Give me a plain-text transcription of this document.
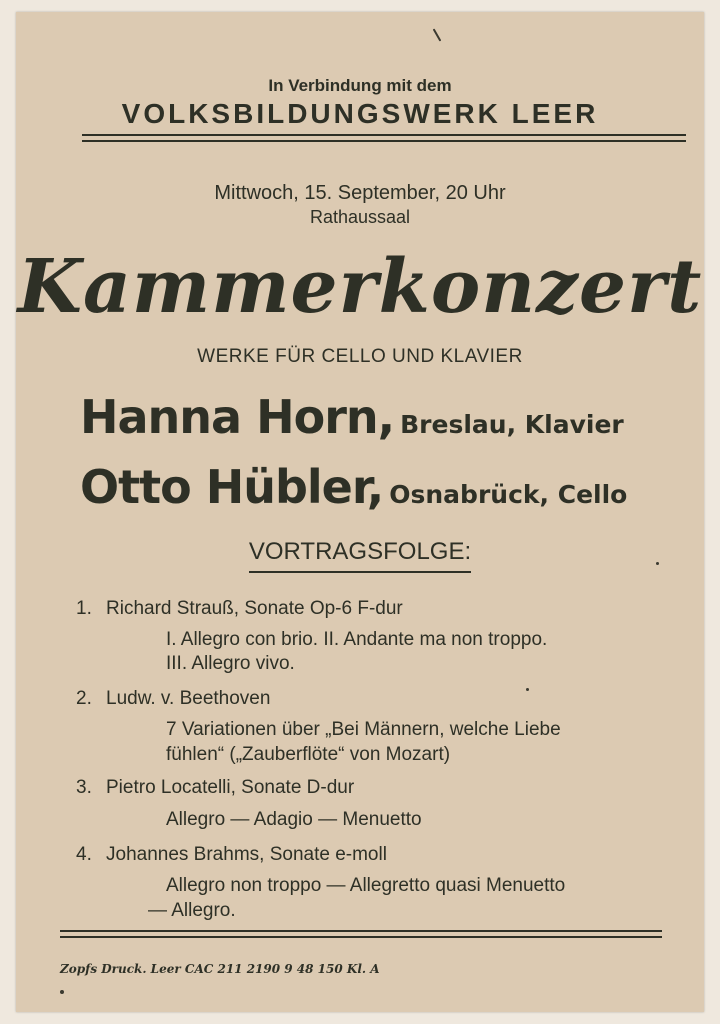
In Verbindung mit dem
VOLKSBILDUNGSWERK LEER
Mittwoch, 15. September, 20 Uhr
Rathaussaal
Kammerkonzert
WERKE FÜR CELLO UND KLAVIER
Hanna Horn, Breslau, Klavier
Otto Hübler, Osnabrück, Cello
VORTRAGSFOLGE:
1. Richard Strauß, Sonate Op-6 F-dur
I. Allegro con brio. II. Andante ma non troppo.
III. Allegro vivo.
2. Ludw. v. Beethoven
7 Variationen über „Bei Männern, welche Liebe
fühlen“ („Zauberflöte“ von Mozart)
3. Pietro Locatelli, Sonate D-dur
Allegro — Adagio — Menuetto
4. Johannes Brahms, Sonate e-moll
Allegro non troppo — Allegretto quasi Menuetto
— Allegro.
Zopfs Druck. Leer CAC 211 2190 9 48 150 Kl. A
